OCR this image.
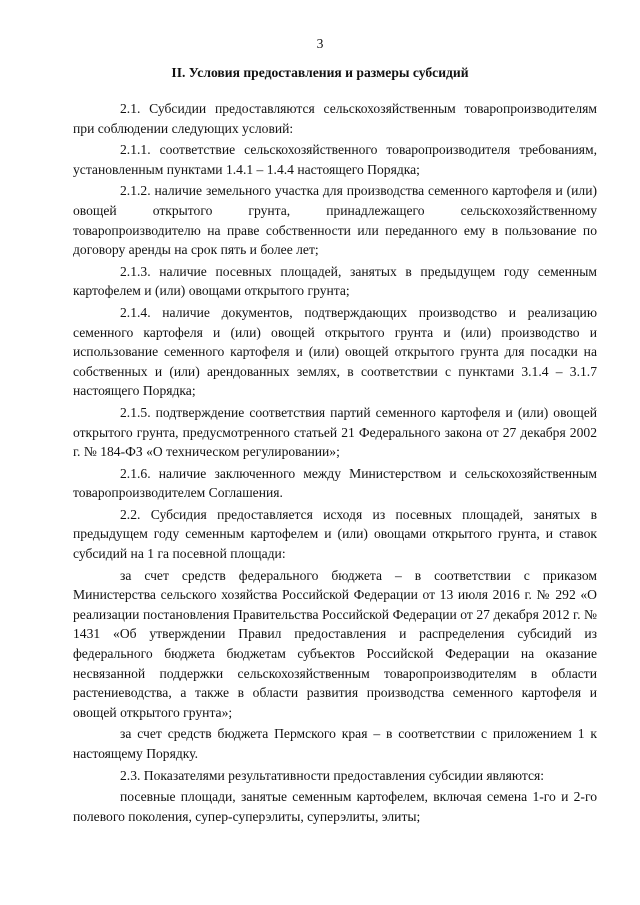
3
II. Условия предоставления и размеры субсидий

2.1. Субсидии предоставляются сельскохозяйственным товаропроизводителям при соблюдении следующих условий:

2.1.1. соответствие сельскохозяйственного товаропроизводителя требованиям, установленным пунктами 1.4.1 – 1.4.4 настоящего Порядка;

2.1.2. наличие земельного участка для производства семенного картофеля и (или) овощей открытого грунта, принадлежащего сельскохозяйственному товаропроизводителю на праве собственности или переданного ему в пользование по договору аренды на срок пять и более лет;

2.1.3. наличие посевных площадей, занятых в предыдущем году семенным картофелем и (или) овощами открытого грунта;

2.1.4. наличие документов, подтверждающих производство и реализацию семенного картофеля и (или) овощей открытого грунта и (или) производство и использование семенного картофеля и (или) овощей открытого грунта для посадки на собственных и (или) арендованных землях, в соответствии с пунктами 3.1.4 – 3.1.7 настоящего Порядка;

2.1.5. подтверждение соответствия партий семенного картофеля и (или) овощей открытого грунта, предусмотренного статьей 21 Федерального закона от 27 декабря 2002 г. № 184-ФЗ «О техническом регулировании»;

2.1.6. наличие заключенного между Министерством и сельскохозяйственным товаропроизводителем Соглашения.

2.2. Субсидия предоставляется исходя из посевных площадей, занятых в предыдущем году семенным картофелем и (или) овощами открытого грунта, и ставок субсидий на 1 га посевной площади:

за счет средств федерального бюджета – в соответствии с приказом Министерства сельского хозяйства Российской Федерации от 13 июля 2016 г. № 292 «О реализации постановления Правительства Российской Федерации от 27 декабря 2012 г. № 1431 «Об утверждении Правил предоставления и распределения субсидий из федерального бюджета бюджетам субъектов Российской Федерации на оказание несвязанной поддержки сельскохозяйственным товаропроизводителям в области растениеводства, а также в области развития производства семенного картофеля и овощей открытого грунта»;

за счет средств бюджета Пермского края – в соответствии с приложением 1 к настоящему Порядку.

2.3. Показателями результативности предоставления субсидии являются:

посевные площади, занятые семенным картофелем, включая семена 1-го и 2-го полевого поколения, супер-суперэлиты, суперэлиты, элиты;
